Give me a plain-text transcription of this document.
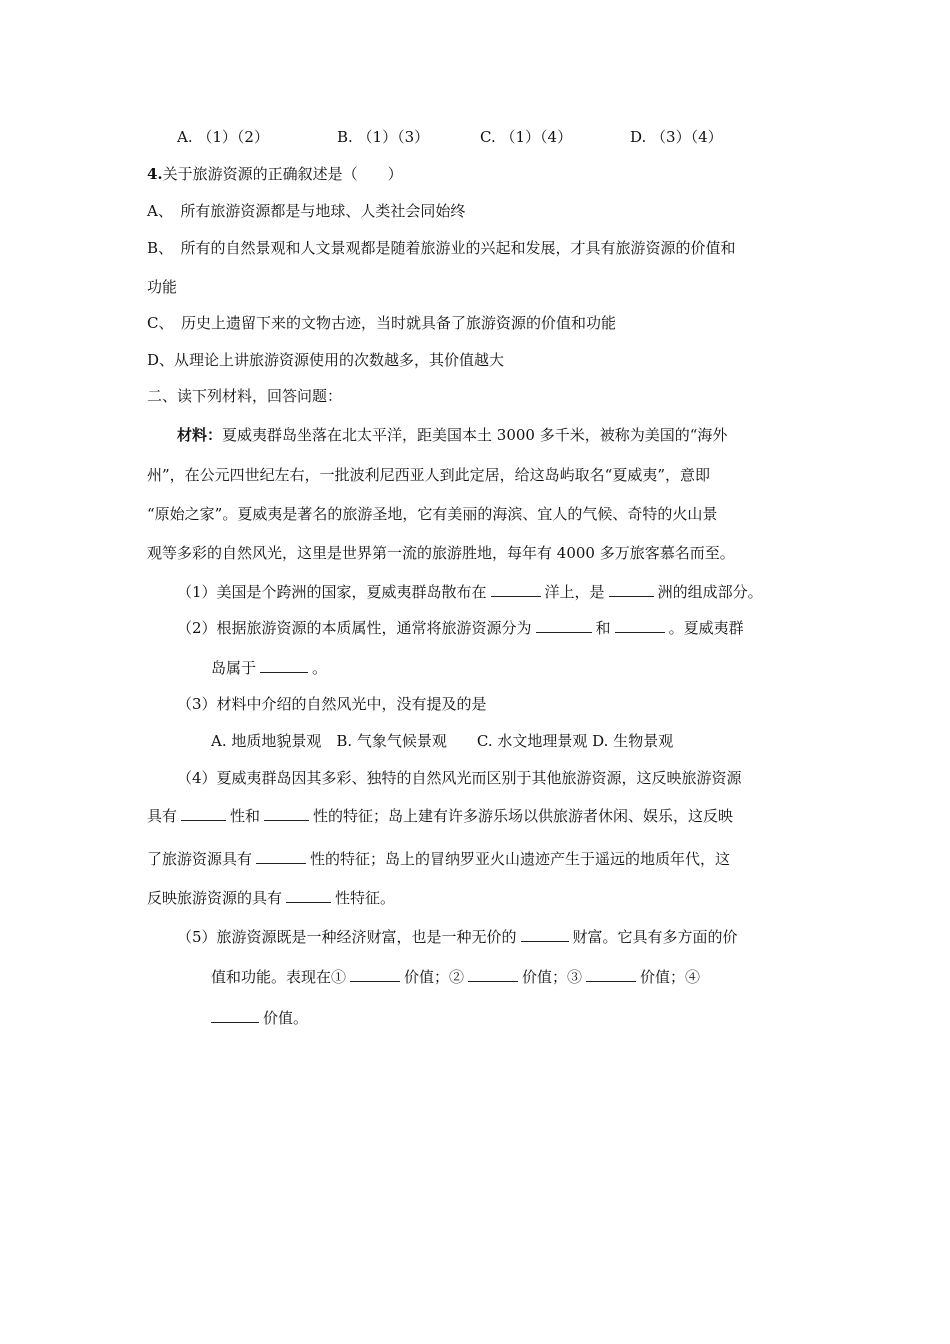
A. （1）（2）	B. （1）（3）	C. （1）（4）	D. （3）（4）
4.关于旅游资源的正确叙述是（　　）
A、　所有旅游资源都是与地球、人类社会同始终
B、　所有的自然景观和人文景观都是随着旅游业的兴起和发展，才具有旅游资源的价值和
功能
C、　历史上遗留下来的文物古迹，当时就具备了旅游资源的价值和功能
D、从理论上讲旅游资源使用的次数越多，其价值越大
二、读下列材料，回答问题：
材料：夏威夷群岛坐落在北太平洋，距美国本土 3000 多千米，被称为美国的“海外
州”，在公元四世纪左右，一批波利尼西亚人到此定居，给这岛屿取名“夏威夷”，意即
“原始之家”。夏威夷是著名的旅游圣地，它有美丽的海滨、宜人的气候、奇特的火山景
观等多彩的自然风光，这里是世界第一流的旅游胜地，每年有 4000 多万旅客慕名而至。
（1）美国是个跨洲的国家，夏威夷群岛散布在	洋上，是	洲的组成部分。
（2）根据旅游资源的本质属性，通常将旅游资源分为	和	。夏威夷群
岛属于	。
（3）材料中介绍的自然风光中，没有提及的是
A. 地质地貌景观　B. 气象气候景观　　C. 水文地理景观 D. 生物景观
（4）夏威夷群岛因其多彩、独特的自然风光而区别于其他旅游资源，这反映旅游资源
具有	性和	性的特征；岛上建有许多游乐场以供旅游者休闲、娱乐，这反映
了旅游资源具有	性的特征；岛上的冒纳罗亚火山遗迹产生于遥远的地质年代，这
反映旅游资源的具有	性特征。
（5）旅游资源既是一种经济财富，也是一种无价的	财富。它具有多方面的价
值和功能。表现在①	价值；②	价值；③	价值；④
价值。
